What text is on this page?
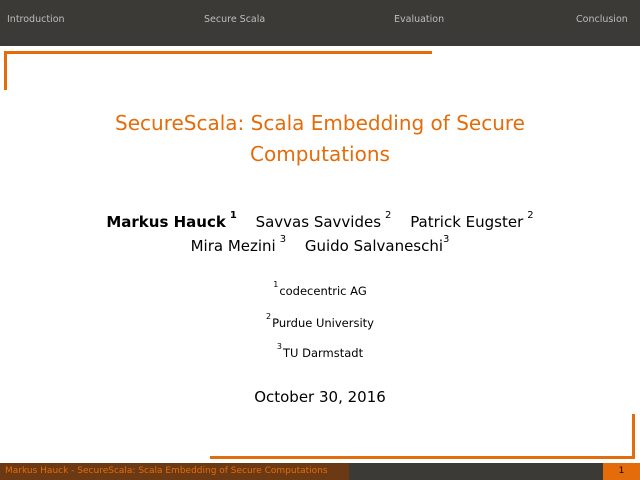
Introduction	Secure Scala	Evaluation	Conclusion
SecureScala: Scala Embedding of Secure
Computations
Markus Hauck $^1$ Savvas Savvides $^2$ Patrick Eugster $^2$
Mira Mezini $^3$ Guido Salvaneschi$^3$
$^1$codecentric AG
$^2$Purdue University
$^3$TU Darmstadt
October 30, 2016
Markus Hauck - SecureScala: Scala Embedding of Secure Computations	1
